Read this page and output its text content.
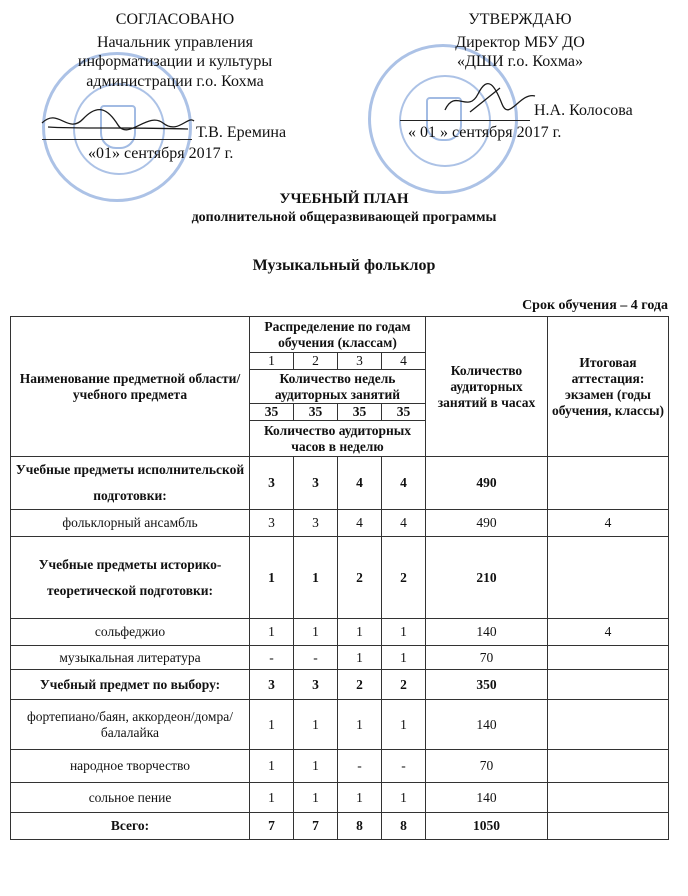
СОГЛАСОВАНО
Начальник управления
информатизации и культуры
администрации г.о. Кохма
Т.В. Еремина
«01» сентября 2017 г.
УТВЕРЖДАЮ
Директор МБУ ДО
«ДШИ г.о. Кохма»
Н.А. Колосова
« 01 » сентября 2017 г.
УЧЕБНЫЙ ПЛАН
дополнительной общеразвивающей программы
Музыкальный фольклор
Срок обучения – 4 года
Наименование предметной области/ учебного предмета	Распределение по годам обучения (классам)				Количество аудиторных занятий в часах	Итоговая аттестация: экзамен (годы обучения, классы)
	1	2	3	4		
	Количество недель аудиторных занятий					
	35	35	35	35		
	Количество аудиторных часов в неделю					

Учебные предметы исполнительской подготовки:	3	3	4	4	490	
фольклорный ансамбль	3	3	4	4	490	4
Учебные предметы историко-теоретической подготовки:	1	1	2	2	210	
сольфеджио	1	1	1	1	140	4
музыкальная литература	-	-	1	1	70	
Учебный предмет по выбору:	3	3	2	2	350	
фортепиано/баян, аккордеон/домра/балалайка	1	1	1	1	140	
народное творчество	1	1	-	-	70	
сольное пение	1	1	1	1	140	
Всего:	7	7	8	8	1050	
